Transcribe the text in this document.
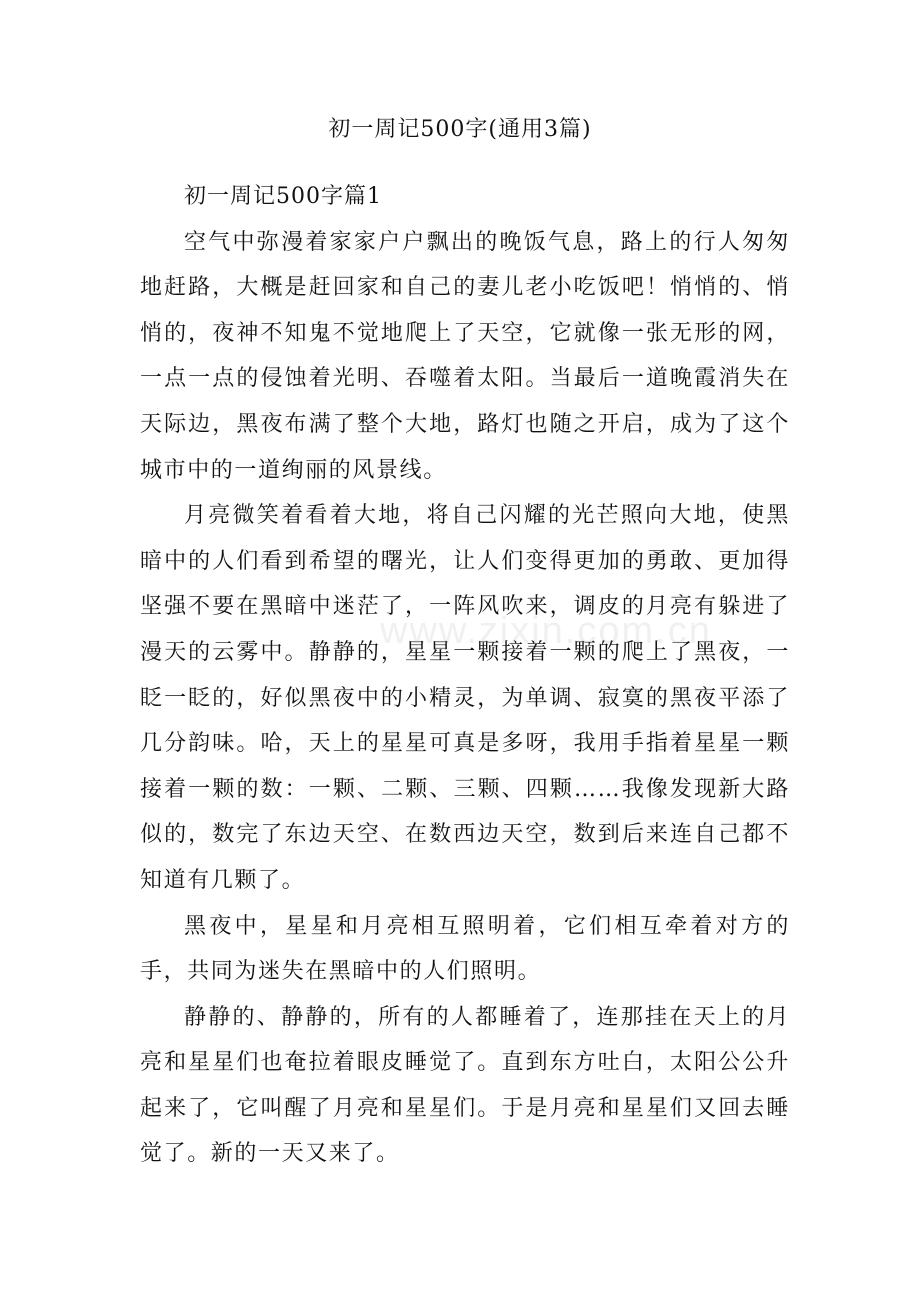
初一周记500字(通用3篇)

初一周记500字篇1

空气中弥漫着家家户户飘出的晚饭气息，路上的行人匆匆地赶路，大概是赶回家和自己的妻儿老小吃饭吧！悄悄的、悄悄的，夜神不知鬼不觉地爬上了天空，它就像一张无形的网，一点一点的侵蚀着光明、吞噬着太阳。当最后一道晚霞消失在天际边，黑夜布满了整个大地，路灯也随之开启，成为了这个城市中的一道绚丽的风景线。

月亮微笑着看着大地，将自己闪耀的光芒照向大地，使黑暗中的人们看到希望的曙光，让人们变得更加的勇敢、更加得坚强不要在黑暗中迷茫了，一阵风吹来，调皮的月亮有躲进了漫天的云雾中。静静的，星星一颗接着一颗的爬上了黑夜，一眨一眨的，好似黑夜中的小精灵，为单调、寂寞的黑夜平添了几分韵味。哈，天上的星星可真是多呀，我用手指着星星一颗接着一颗的数：一颗、二颗、三颗、四颗……我像发现新大路似的，数完了东边天空、在数西边天空，数到后来连自己都不知道有几颗了。

黑夜中，星星和月亮相互照明着，它们相互牵着对方的手，共同为迷失在黑暗中的人们照明。

静静的、静静的，所有的人都睡着了，连那挂在天上的月亮和星星们也奄拉着眼皮睡觉了。直到东方吐白，太阳公公升起来了，它叫醒了月亮和星星们。于是月亮和星星们又回去睡觉了。新的一天又来了。

www.zixin.com.cn
